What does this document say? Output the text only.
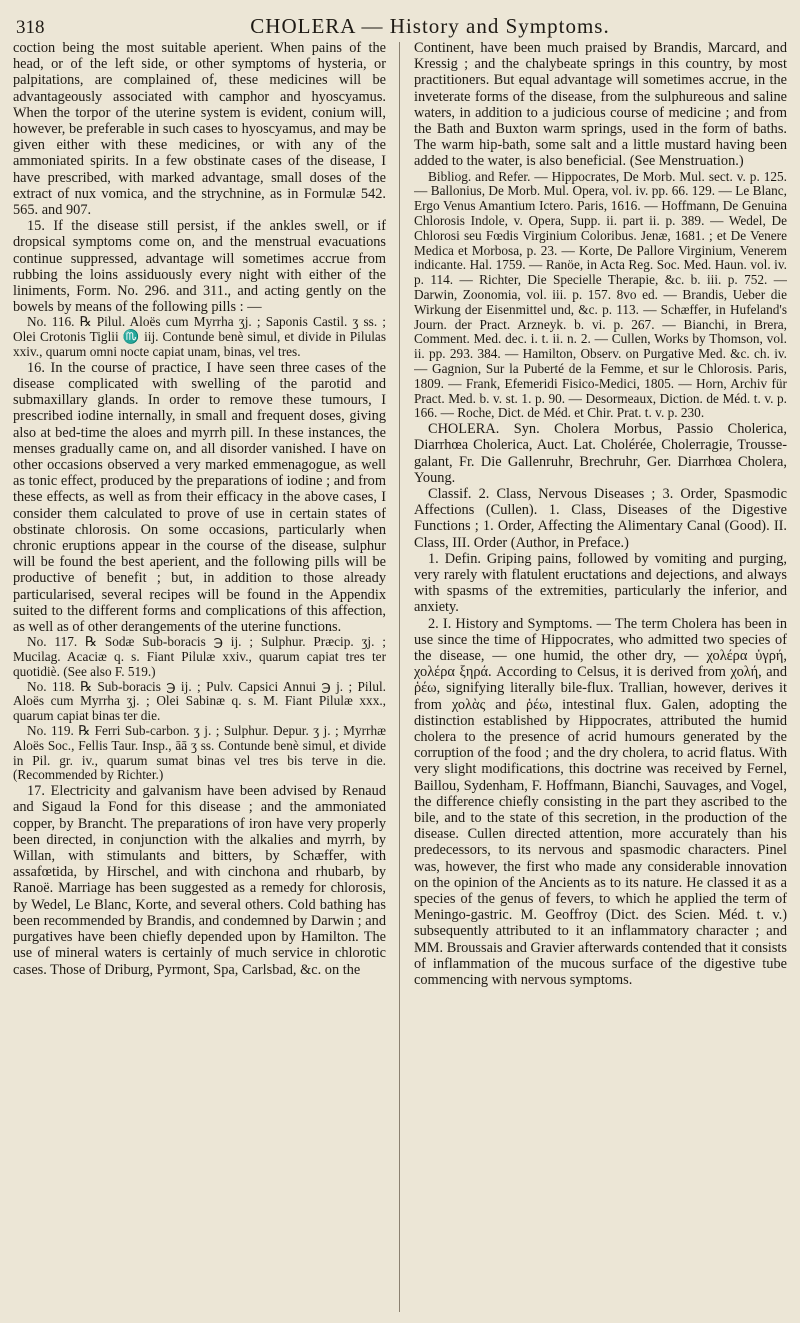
318	CHOLERA — History and Symptoms.

coction being the most suitable aperient. When pains of the head, or of the left side, or other symptoms of hysteria, or palpitations, are complained of, these medicines will be advantageously associated with camphor and hyoscyamus. When the torpor of the uterine system is evident, conium will, however, be preferable in such cases to hyoscyamus, and may be given either with these medicines, or with any of the ammoniated spirits. In a few obstinate cases of the disease, I have prescribed, with marked advantage, small doses of the extract of nux vomica, and the strychnine, as in Formulæ 542. 565. and 907.

15. If the disease still persist, if the ankles swell, or if dropsical symptoms come on, and the menstrual evacuations continue suppressed, advantage will sometimes accrue from rubbing the loins assiduously every night with either of the liniments, Form. No. 296. and 311., and acting gently on the bowels by means of the following pills : —

No. 116. ℞ Pilul. Aloës cum Myrrha ʒj. ; Saponis Castil. ʒ ss. ; Olei Crotonis Tiglii ♏ iij. Contunde benè simul, et divide in Pilulas xxiv., quarum omni nocte capiat unam, binas, vel tres.

16. In the course of practice, I have seen three cases of the disease complicated with swelling of the parotid and submaxillary glands. In order to remove these tumours, I prescribed iodine internally, in small and frequent doses, giving also at bed-time the aloes and myrrh pill. In these instances, the menses gradually came on, and all disorder vanished. I have on other occasions observed a very marked emmenagogue, as well as tonic effect, produced by the preparations of iodine ; and from these effects, as well as from their efficacy in the above cases, I consider them calculated to prove of use in certain states of obstinate chlorosis. On some occasions, particularly when chronic eruptions appear in the course of the disease, sulphur will be found the best aperient, and the following pills will be productive of benefit ; but, in addition to those already particularised, several recipes will be found in the Appendix suited to the different forms and complications of this affection, as well as of other derangements of the uterine functions.

No. 117. ℞ Sodæ Sub-boracis ℈ ij. ; Sulphur. Præcip. ʒj. ; Mucilag. Acaciæ q. s. Fiant Pilulæ xxiv., quarum capiat tres ter quotidiè. (See also F. 519.)

No. 118. ℞ Sub-boracis ℈ ij. ; Pulv. Capsici Annui ℈ j. ; Pilul. Aloës cum Myrrha ʒj. ; Olei Sabinæ q. s. M. Fiant Pilulæ xxx., quarum capiat binas ter die.

No. 119. ℞ Ferri Sub-carbon. ʒ j. ; Sulphur. Depur. ʒ j. ; Myrrhæ Aloës Soc., Fellis Taur. Insp., āā ʒ ss. Contunde benè simul, et divide in Pil. gr. iv., quarum sumat binas vel tres bis terve in die. (Recommended by Richter.)

17. Electricity and galvanism have been advised by Renaud and Sigaud la Fond for this disease ; and the ammoniated copper, by Brancht. The preparations of iron have very properly been directed, in conjunction with the alkalies and myrrh, by Willan, with stimulants and bitters, by Schæffer, with assafœtida, by Hirschel, and with cinchona and rhubarb, by Ranoë. Marriage has been suggested as a remedy for chlorosis, by Wedel, Le Blanc, Korte, and several others. Cold bathing has been recommended by Brandis, and condemned by Darwin ; and purgatives have been chiefly depended upon by Hamilton. The use of mineral waters is certainly of much service in chlorotic cases. Those of Driburg, Pyrmont, Spa, Carlsbad, &c. on the

Continent, have been much praised by Brandis, Marcard, and Kressig ; and the chalybeate springs in this country, by most practitioners. But equal advantage will sometimes accrue, in the inveterate forms of the disease, from the sulphureous and saline waters, in addition to a judicious course of medicine ; and from the Bath and Buxton warm springs, used in the form of baths. The warm hip-bath, some salt and a little mustard having been added to the water, is also beneficial. (See Menstruation.)

Bibliog. and Refer. — Hippocrates, De Morb. Mul. sect. v. p. 125. — Ballonius, De Morb. Mul. Opera, vol. iv. pp. 66. 129. — Le Blanc, Ergo Venus Amantium Ictero. Paris, 1616. — Hoffmann, De Genuina Chlorosis Indole, v. Opera, Supp. ii. part ii. p. 389. — Wedel, De Chlorosi seu Fœdis Virginium Coloribus. Jenæ, 1681. ; et De Venere Medica et Morbosa, p. 23. — Korte, De Pallore Virginium, Venerem indicante. Hal. 1759. — Ranöe, in Acta Reg. Soc. Med. Haun. vol. iv. p. 114. — Richter, Die Specielle Therapie, &c. b. iii. p. 752. — Darwin, Zoonomia, vol. iii. p. 157. 8vo ed. — Brandis, Ueber die Wirkung der Eisenmittel und, &c. p. 113. — Schæffer, in Hufeland's Journ. der Pract. Arzneyk. b. vi. p. 267. — Bianchi, in Brera, Comment. Med. dec. i. t. ii. n. 2. — Cullen, Works by Thomson, vol. ii. pp. 293. 384. — Hamilton, Observ. on Purgative Med. &c. ch. iv. — Gagnion, Sur la Puberté de la Femme, et sur le Chlorosis. Paris, 1809. — Frank, Efemeridi Fisico-Medici, 1805. — Horn, Archiv für Pract. Med. b. v. st. 1. p. 90. — Desormeaux, Diction. de Méd. t. v. p. 166. — Roche, Dict. de Méd. et Chir. Prat. t. v. p. 230.

CHOLERA. Syn. Cholera Morbus, Passio Cholerica, Diarrhœa Cholerica, Auct. Lat. Cholérée, Cholerragie, Trousse-galant, Fr. Die Gallenruhr, Brechruhr, Ger. Diarrhœa Cholera, Young.

Classif. 2. Class, Nervous Diseases ; 3. Order, Spasmodic Affections (Cullen). 1. Class, Diseases of the Digestive Functions ; 1. Order, Affecting the Alimentary Canal (Good). II. Class, III. Order (Author, in Preface.)

1. Defin. Griping pains, followed by vomiting and purging, very rarely with flatulent eructations and dejections, and always with spasms of the extremities, particularly the inferior, and anxiety.

2. I. History and Symptoms. — The term Cholera has been in use since the time of Hippocrates, who admitted two species of the disease, — one humid, the other dry, — χολέρα ὑγρή, χολέρα ξηρά. According to Celsus, it is derived from χολή, and ῥέω, signifying literally bile-flux. Trallian, however, derives it from χολὰς and ῥέω, intestinal flux. Galen, adopting the distinction established by Hippocrates, attributed the humid cholera to the presence of acrid humours generated by the corruption of the food ; and the dry cholera, to acrid flatus. With very slight modifications, this doctrine was received by Fernel, Baillou, Sydenham, F. Hoffmann, Bianchi, Sauvages, and Vogel, the difference chiefly consisting in the part they ascribed to the bile, and to the state of this secretion, in the production of the disease. Cullen directed attention, more accurately than his predecessors, to its nervous and spasmodic characters. Pinel was, however, the first who made any considerable innovation on the opinion of the Ancients as to its nature. He classed it as a species of the genus of fevers, to which he applied the term of Meningo-gastric. M. Geoffroy (Dict. des Scien. Méd. t. v.) subsequently attributed to it an inflammatory character ; and MM. Broussais and Gravier afterwards contended that it consists of inflammation of the mucous surface of the digestive tube commencing with nervous symptoms.
